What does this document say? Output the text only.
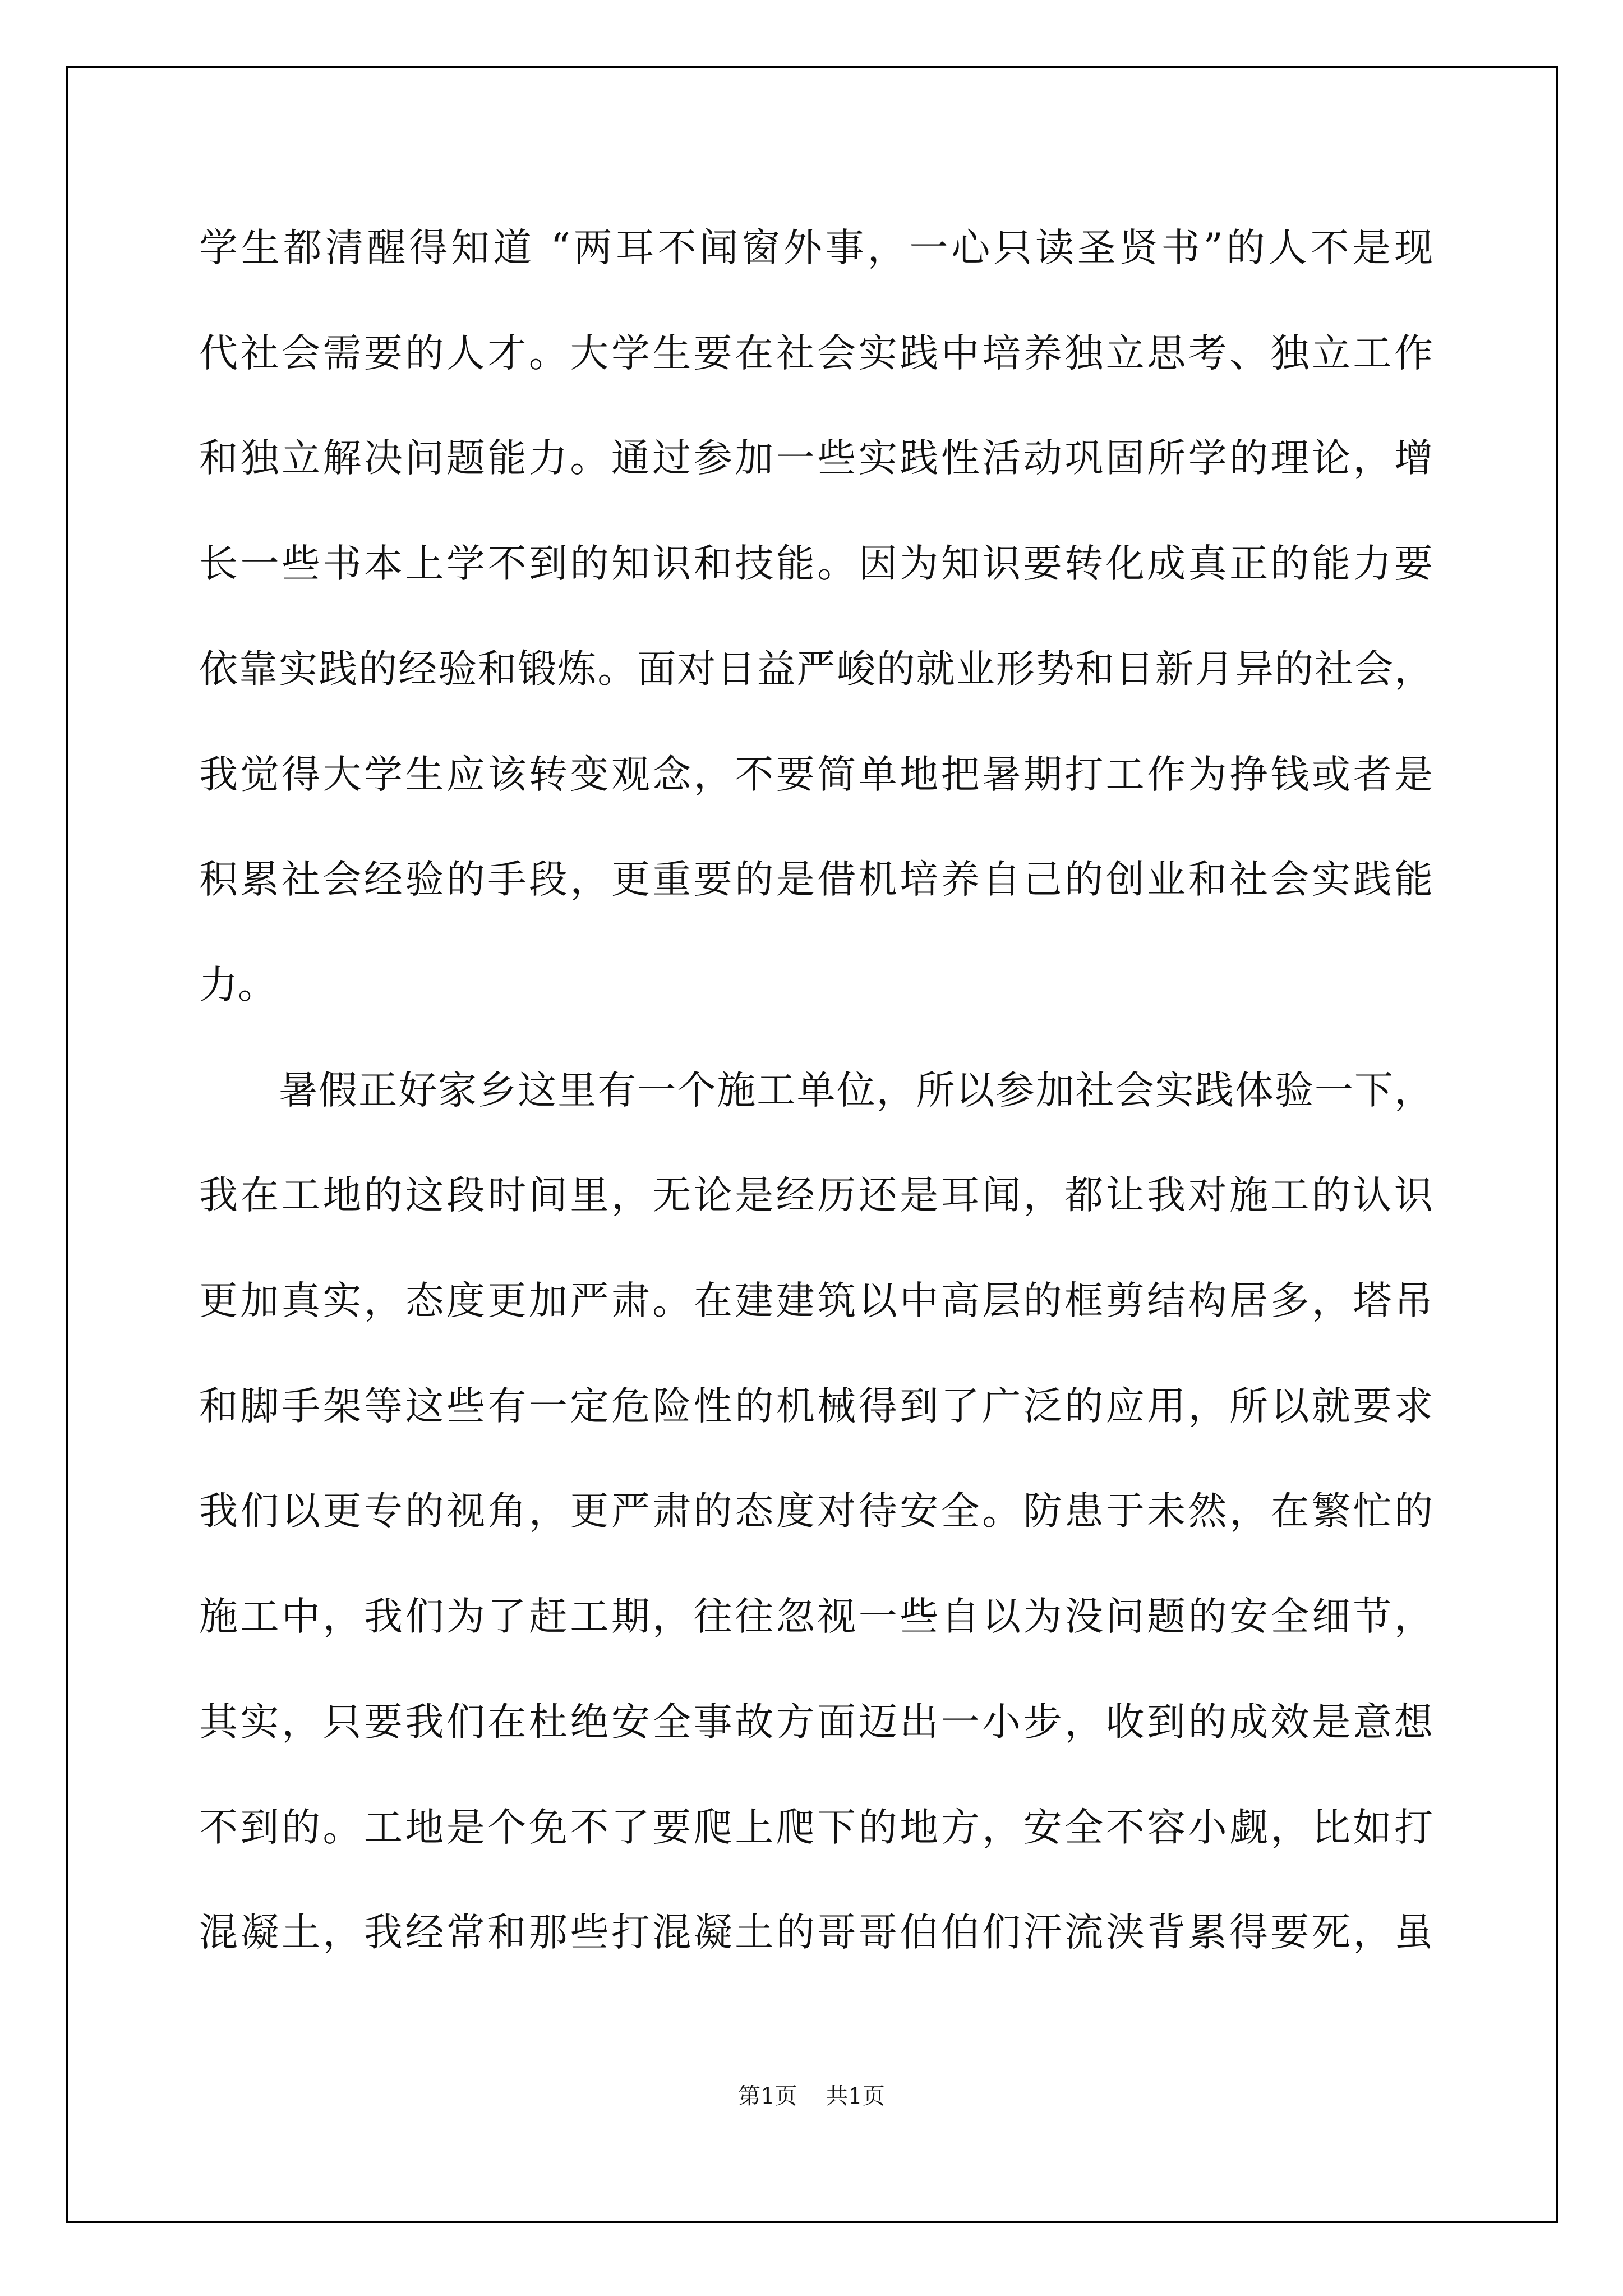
学生都清醒得知道 “两耳不闻窗外事，一心只读圣贤书”的人不是现

代社会需要的人才。大学生要在社会实践中培养独立思考、独立工作

和独立解决问题能力。通过参加一些实践性活动巩固所学的理论，增

长一些书本上学不到的知识和技能。因为知识要转化成真正的能力要

依靠实践的经验和锻炼。面对日益严峻的就业形势和日新月异的社会，

我觉得大学生应该转变观念，不要简单地把暑期打工作为挣钱或者是

积累社会经验的手段，更重要的是借机培养自己的创业和社会实践能

力。

暑假正好家乡这里有一个施工单位，所以参加社会实践体验一下，

我在工地的这段时间里，无论是经历还是耳闻，都让我对施工的认识

更加真实，态度更加严肃。在建建筑以中高层的框剪结构居多，塔吊

和脚手架等这些有一定危险性的机械得到了广泛的应用，所以就要求

我们以更专的视角，更严肃的态度对待安全。防患于未然，在繁忙的

施工中，我们为了赶工期，往往忽视一些自以为没问题的安全细节，

其实，只要我们在杜绝安全事故方面迈出一小步，收到的成效是意想

不到的。工地是个免不了要爬上爬下的地方，安全不容小觑，比如打

混凝土，我经常和那些打混凝土的哥哥伯伯们汗流浃背累得要死，虽

第1页 共1页
